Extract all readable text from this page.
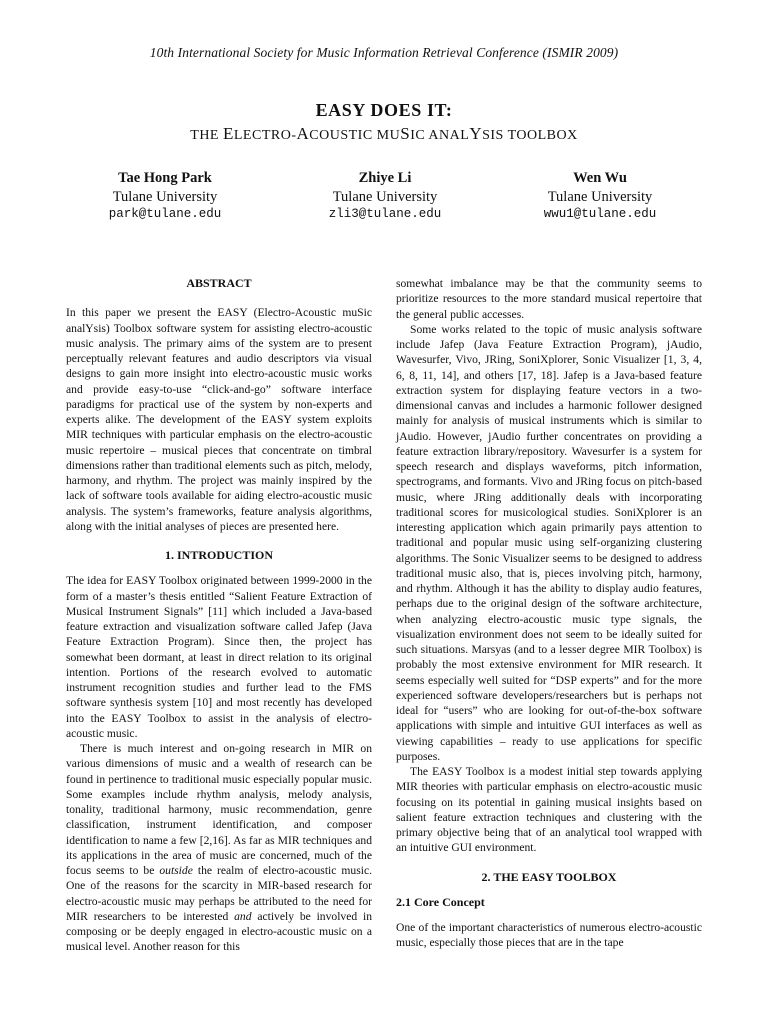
10th International Society for Music Information Retrieval Conference (ISMIR 2009)
EASY DOES IT:
THE ELECTRO-ACOUSTIC MUSIC ANALYSIS TOOLBOX
Tae Hong Park
Tulane University
park@tulane.edu
Zhiye Li
Tulane University
zli3@tulane.edu
Wen Wu
Tulane University
wwu1@tulane.edu
ABSTRACT

In this paper we present the EASY (Electro-Acoustic muSic analYsis) Toolbox software system for assisting electro-acoustic music analysis. The primary aims of the system are to present perceptually relevant features and audio descriptors via visual designs to gain more insight into electro-acoustic music works and provide easy-to-use “click-and-go” software interface paradigms for practical use of the system by non-experts and experts alike. The development of the EASY system exploits MIR techniques with particular emphasis on the electro-acoustic music repertoire – musical pieces that concentrate on timbral dimensions rather than traditional elements such as pitch, melody, harmony, and rhythm. The project was mainly inspired by the lack of software tools available for aiding electro-acoustic music analysis. The system’s frameworks, feature analysis algorithms, along with the initial analyses of pieces are presented here.

1. INTRODUCTION

The idea for EASY Toolbox originated between 1999-2000 in the form of a master’s thesis entitled “Salient Feature Extraction of Musical Instrument Signals” [11] which included a Java-based feature extraction and visualization software called Jafep (Java Feature Extraction Program). Since then, the project has somewhat been dormant, at least in direct relation to its original intention. Portions of the research evolved to automatic instrument recognition studies and further lead to the FMS software synthesis system [10] and most recently has developed into the EASY Toolbox to assist in the analysis of electro-acoustic music.

There is much interest and on-going research in MIR on various dimensions of music and a wealth of research can be found in pertinence to traditional music especially popular music. Some examples include rhythm analysis, melody analysis, tonality, traditional harmony, music recommendation, genre classification, instrument identification, and composer identification to name a few [2,16]. As far as MIR techniques and its applications in the area of music are concerned, much of the focus seems to be outside the realm of electro-acoustic music. One of the reasons for the scarcity in MIR-based research for electro-acoustic music may perhaps be attributed to the need for MIR researchers to be interested and actively be involved in composing or be deeply engaged in electro-acoustic music on a musical level. Another reason for this

somewhat imbalance may be that the community seems to prioritize resources to the more standard musical repertoire that the general public accesses.

Some works related to the topic of music analysis software include Jafep (Java Feature Extraction Program), jAudio, Wavesurfer, Vivo, JRing, SoniXplorer, Sonic Visualizer [1, 3, 4, 6, 8, 11, 14], and others [17, 18]. Jafep is a Java-based feature extraction system for displaying feature vectors in a two-dimensional canvas and includes a harmonic follower designed mainly for analysis of musical instruments which is similar to jAudio. However, jAudio further concentrates on providing a feature extraction library/repository. Wavesurfer is a system for speech research and displays waveforms, pitch information, spectrograms, and formants. Vivo and JRing focus on pitch-based music, where JRing additionally deals with incorporating traditional scores for musicological studies. SoniXplorer is an interesting application which again primarily pays attention to traditional and popular music using self-organizing clustering algorithms. The Sonic Visualizer seems to be designed to address traditional music also, that is, pieces involving pitch, harmony, and rhythm. Although it has the ability to display audio features, perhaps due to the original design of the software architecture, when analyzing electro-acoustic music type signals, the visualization environment does not seem to be ideally suited for such situations. Marsyas (and to a lesser degree MIR Toolbox) is probably the most extensive environment for MIR research. It seems especially well suited for “DSP experts” and for the more experienced software developers/researchers but is perhaps not ideal for “users” who are looking for out-of-the-box software applications with simple and intuitive GUI interfaces as well as viewing capabilities – ready to use applications for specific purposes.

The EASY Toolbox is a modest initial step towards applying MIR theories with particular emphasis on electro-acoustic music focusing on its potential in gaining musical insights based on salient feature extraction techniques and clustering with the primary objective being that of an analytical tool wrapped with an intuitive GUI environment.

2. THE EASY TOOLBOX
2.1 Core Concept

One of the important characteristics of numerous electro-acoustic music, especially those pieces that are in the tape
